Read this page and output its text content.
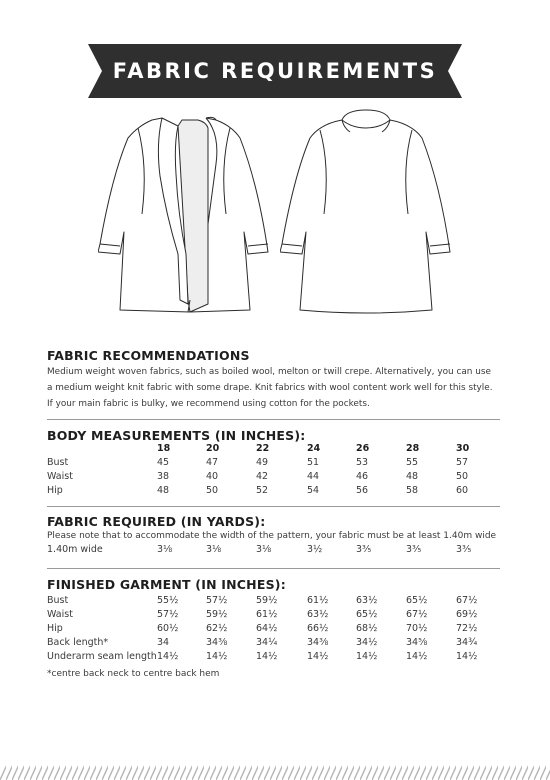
FABRIC REQUIREMENTS
FABRIC RECOMMENDATIONS
Medium weight woven fabrics, such as boiled wool, melton or twill crepe. Alternatively, you can use
a medium weight knit fabric with some drape. Knit fabrics with wool content work well for this style.
If your main fabric is bulky, we recommend using cotton for the pockets.
BODY MEASUREMENTS (IN INCHES):
18	20	22	24	26	28	30
Bust	45	47	49	51	53	55	57
Waist	38	40	42	44	46	48	50
Hip	48	50	52	54	56	58	60
FABRIC REQUIRED (IN YARDS):
Please note that to accommodate the width of the pattern, your fabric must be at least 1.40m wide
1.40m wide	3⅛	3⅛	3⅛	3½	3⅗	3⅗	3⅗
FINISHED GARMENT (IN INCHES):
Bust	55½	57½	59½	61½	63½	65½	67½
Waist	57½	59½	61½	63½	65½	67½	69½
Hip	60½	62½	64½	66½	68½	70½	72½
Back length*	34	34⅜	34¼	34⅜	34½	34⅝	34¾
Underarm seam length 14½	14½	14½	14½	14½	14½	14½
*centre back neck to centre back hem
